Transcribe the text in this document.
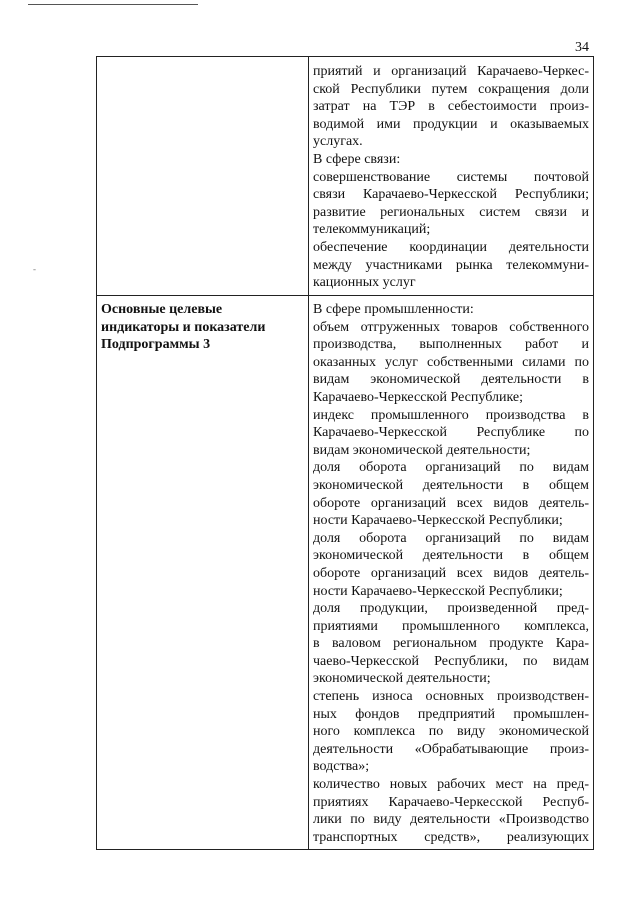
34
-
приятий и организаций Карачаево-Черкес-
ской Республики путем сокращения доли
затрат на ТЭР в себестоимости произ-
водимой ими продукции и оказываемых
услугах.
В сфере связи:
совершенствование системы почтовой
связи Карачаево-Черкесской Республики;
развитие региональных систем связи и
телекоммуникаций;
обеспечение координации деятельности
между участниками рынка телекоммуни-
кационных услуг
Основные целевые
индикаторы и показатели
Подпрограммы 3
В сфере промышленности:
объем отгруженных товаров собственного
производства, выполненных работ и
оказанных услуг собственными силами по
видам экономической деятельности в
Карачаево-Черкесской Республике;
индекс промышленного производства в
Карачаево-Черкесской Республике по
видам экономической деятельности;
доля оборота организаций по видам
экономической деятельности в общем
обороте организаций всех видов деятель-
ности Карачаево-Черкесской Республики;
доля оборота организаций по видам
экономической деятельности в общем
обороте организаций всех видов деятель-
ности Карачаево-Черкесской Республики;
доля продукции, произведенной пред-
приятиями промышленного комплекса,
в валовом региональном продукте Кара-
чаево-Черкесской Республики, по видам
экономической деятельности;
степень износа основных производствен-
ных фондов предприятий промышлен-
ного комплекса по виду экономической
деятельности «Обрабатывающие произ-
водства»;
количество новых рабочих мест на пред-
приятиях Карачаево-Черкесской Респуб-
лики по виду деятельности «Производство
транспортных средств», реализующих
